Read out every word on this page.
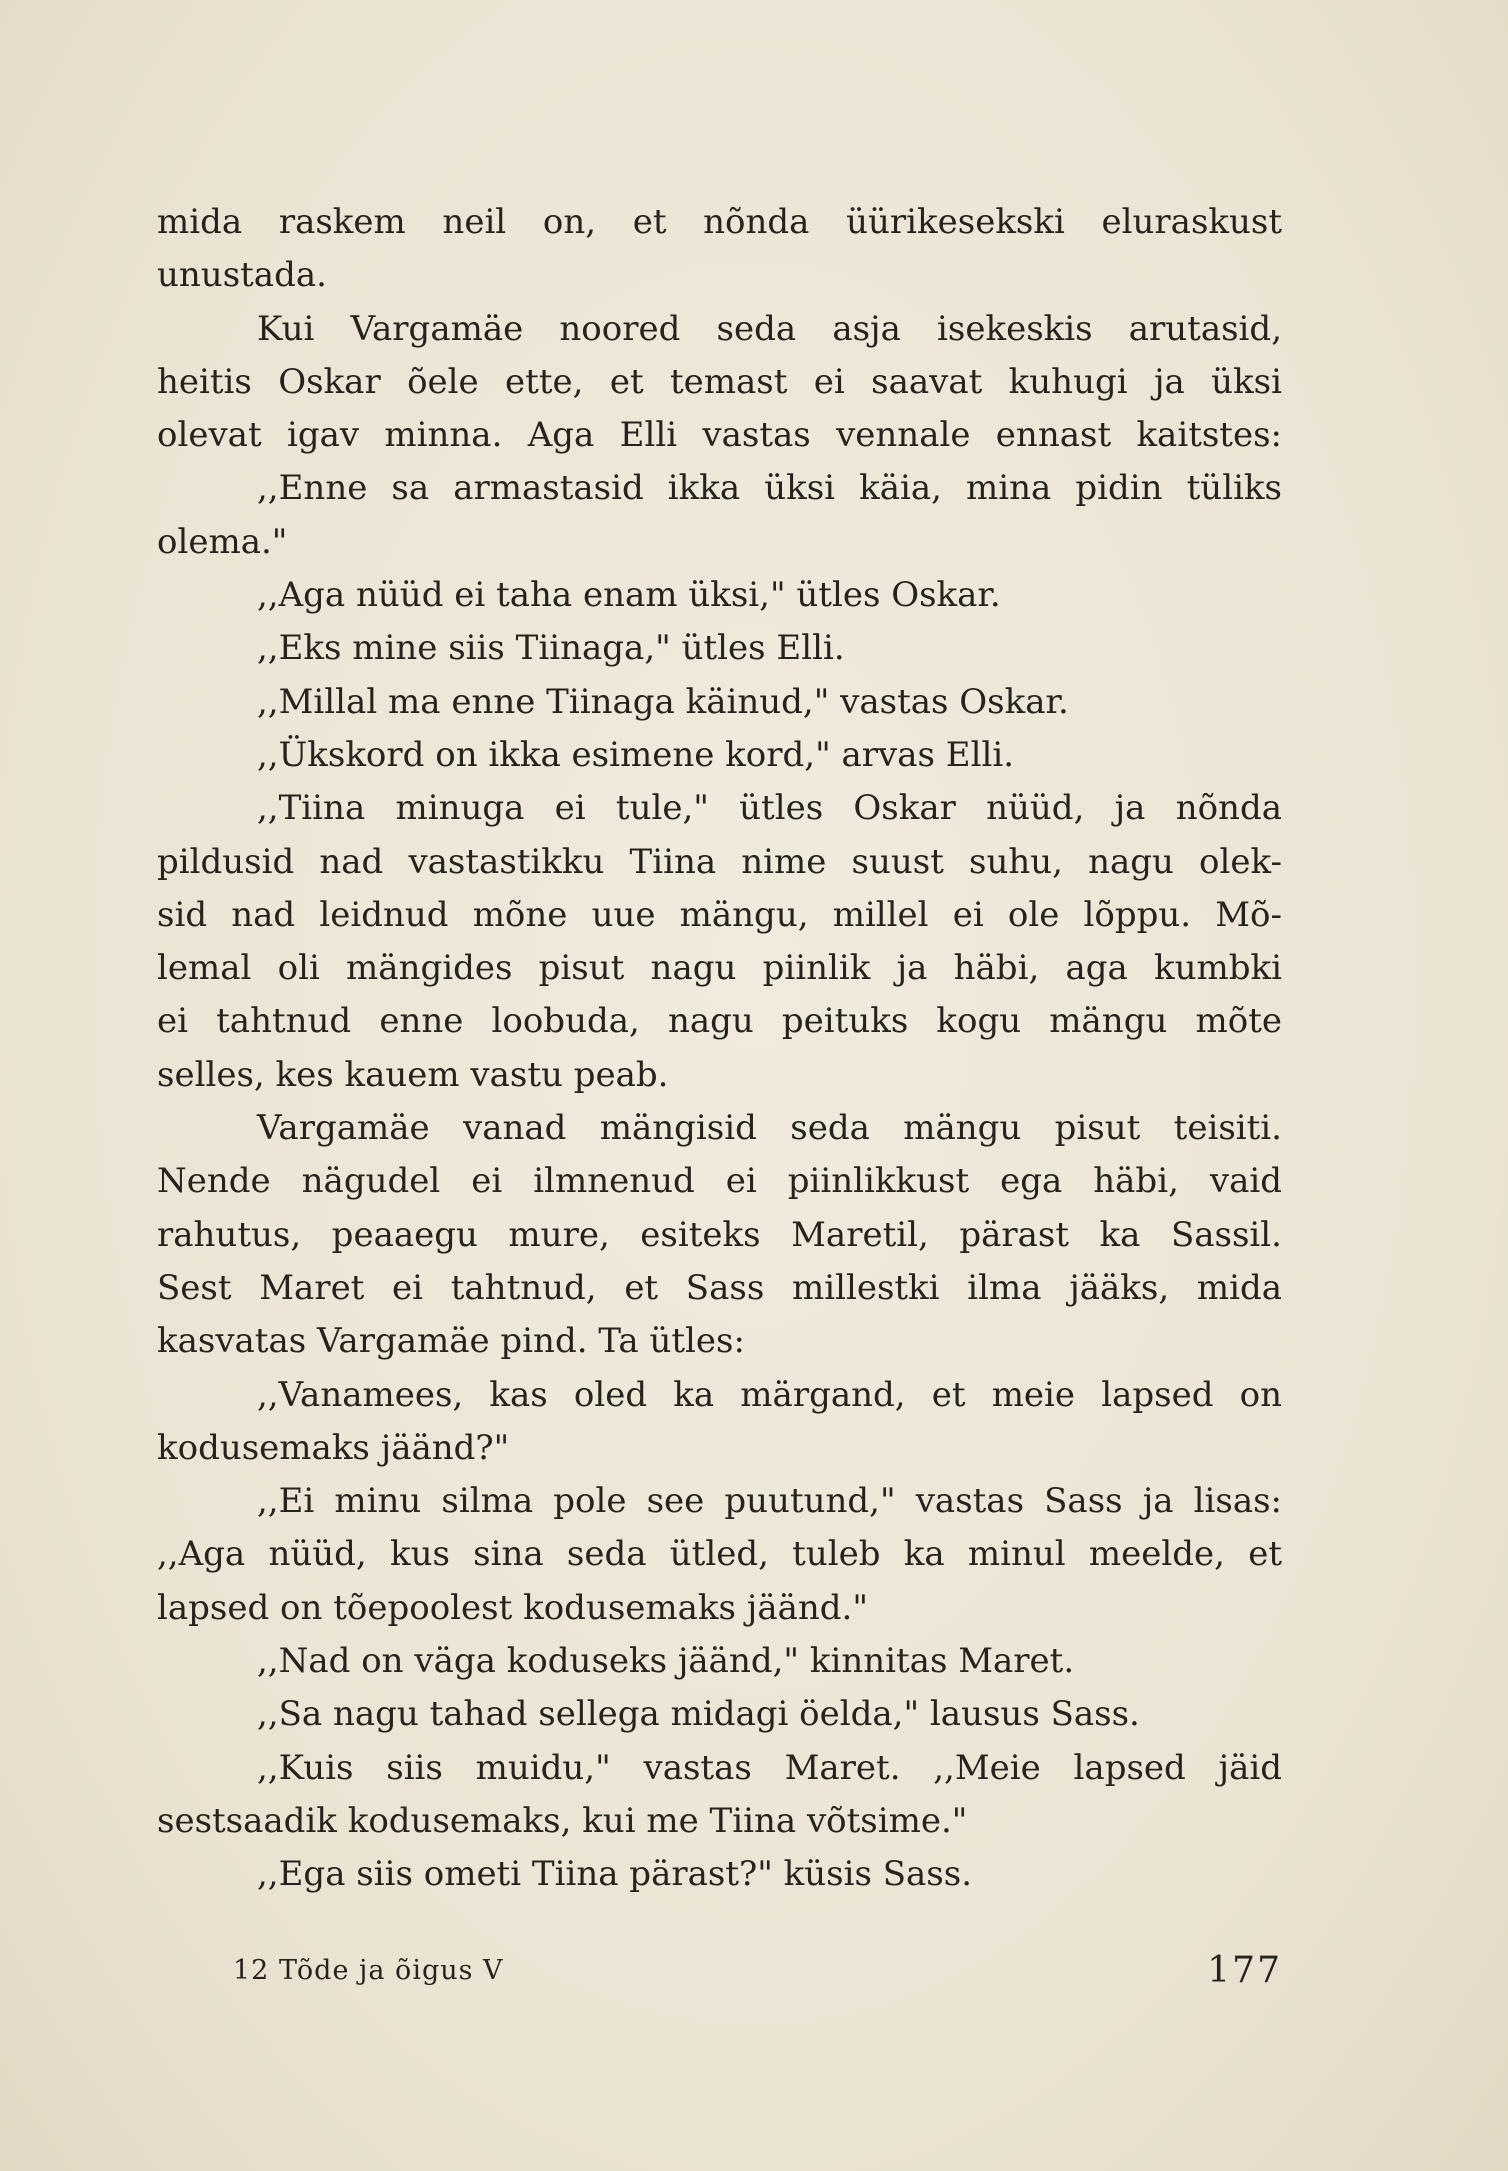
mida raskem neil on, et nõnda üürikesekski eluraskust
unustada.
Kui Vargamäe noored seda asja isekeskis arutasid,
heitis Oskar õele ette, et temast ei saavat kuhugi ja üksi
olevat igav minna. Aga Elli vastas vennale ennast kaitstes:
,,Enne sa armastasid ikka üksi käia, mina pidin tüliks
olema."
,,Aga nüüd ei taha enam üksi," ütles Oskar.
,,Eks mine siis Tiinaga," ütles Elli.
,,Millal ma enne Tiinaga käinud," vastas Oskar.
,,Ükskord on ikka esimene kord," arvas Elli.
,,Tiina minuga ei tule," ütles Oskar nüüd, ja nõnda
pildusid nad vastastikku Tiina nime suust suhu, nagu olek-
sid nad leidnud mõne uue mängu, millel ei ole lõppu. Mõ-
lemal oli mängides pisut nagu piinlik ja häbi, aga kumbki
ei tahtnud enne loobuda, nagu peituks kogu mängu mõte
selles, kes kauem vastu peab.
Vargamäe vanad mängisid seda mängu pisut teisiti.
Nende nägudel ei ilmnenud ei piinlikkust ega häbi, vaid
rahutus, peaaegu mure, esiteks Maretil, pärast ka Sassil.
Sest Maret ei tahtnud, et Sass millestki ilma jääks, mida
kasvatas Vargamäe pind. Ta ütles:
,,Vanamees, kas oled ka märgand, et meie lapsed on
kodusemaks jäänd?"
,,Ei minu silma pole see puutund," vastas Sass ja lisas:
,,Aga nüüd, kus sina seda ütled, tuleb ka minul meelde, et
lapsed on tõepoolest kodusemaks jäänd."
,,Nad on väga koduseks jäänd," kinnitas Maret.
,,Sa nagu tahad sellega midagi öelda," lausus Sass.
,,Kuis siis muidu," vastas Maret. ,,Meie lapsed jäid
sestsaadik kodusemaks, kui me Tiina võtsime."
,,Ega siis ometi Tiina pärast?" küsis Sass.
12 Tõde ja õigus V	177
